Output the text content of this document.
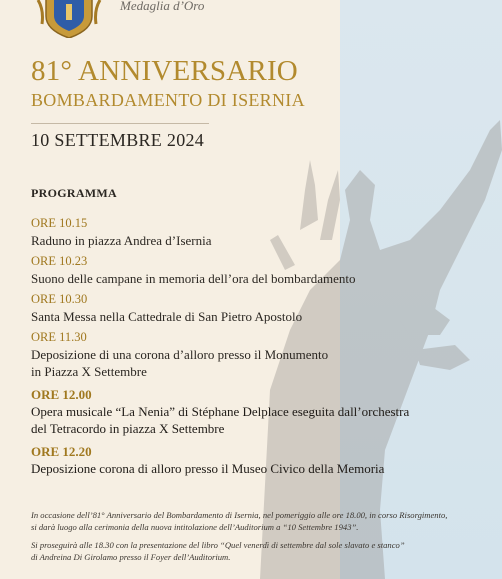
Medaglia d’Oro
81° ANNIVERSARIO
BOMBARDAMENTO DI ISERNIA
10 SETTEMBRE 2024
PROGRAMMA
ORE 10.15
Raduno in piazza Andrea d’Isernia
ORE 10.23
Suono delle campane in memoria dell’ora del bombardamento
ORE 10.30
Santa Messa nella Cattedrale di San Pietro Apostolo
ORE 11.30
Deposizione di una corona d’alloro presso il Monumento
in Piazza X Settembre
ORE 12.00
Opera musicale “La Nenia” di Stéphane Delplace eseguita dall’orchestra
del Tetracordo in piazza X Settembre
ORE 12.20
Deposizione corona di alloro presso il Museo Civico della Memoria

In occasione dell’81° Anniversario del Bombardamento di Isernia, nel pomeriggio alle ore 18.00, in corso Risorgimento,
si darà luogo alla cerimonia della nuova intitolazione dell’Auditorium a “10 Settembre 1943”.

Si proseguirà alle 18.30 con la presentazione del libro “Quel venerdì di settembre dal sole slavato e stanco”
di Andreina Di Girolamo presso il Foyer dell’Auditorium.
